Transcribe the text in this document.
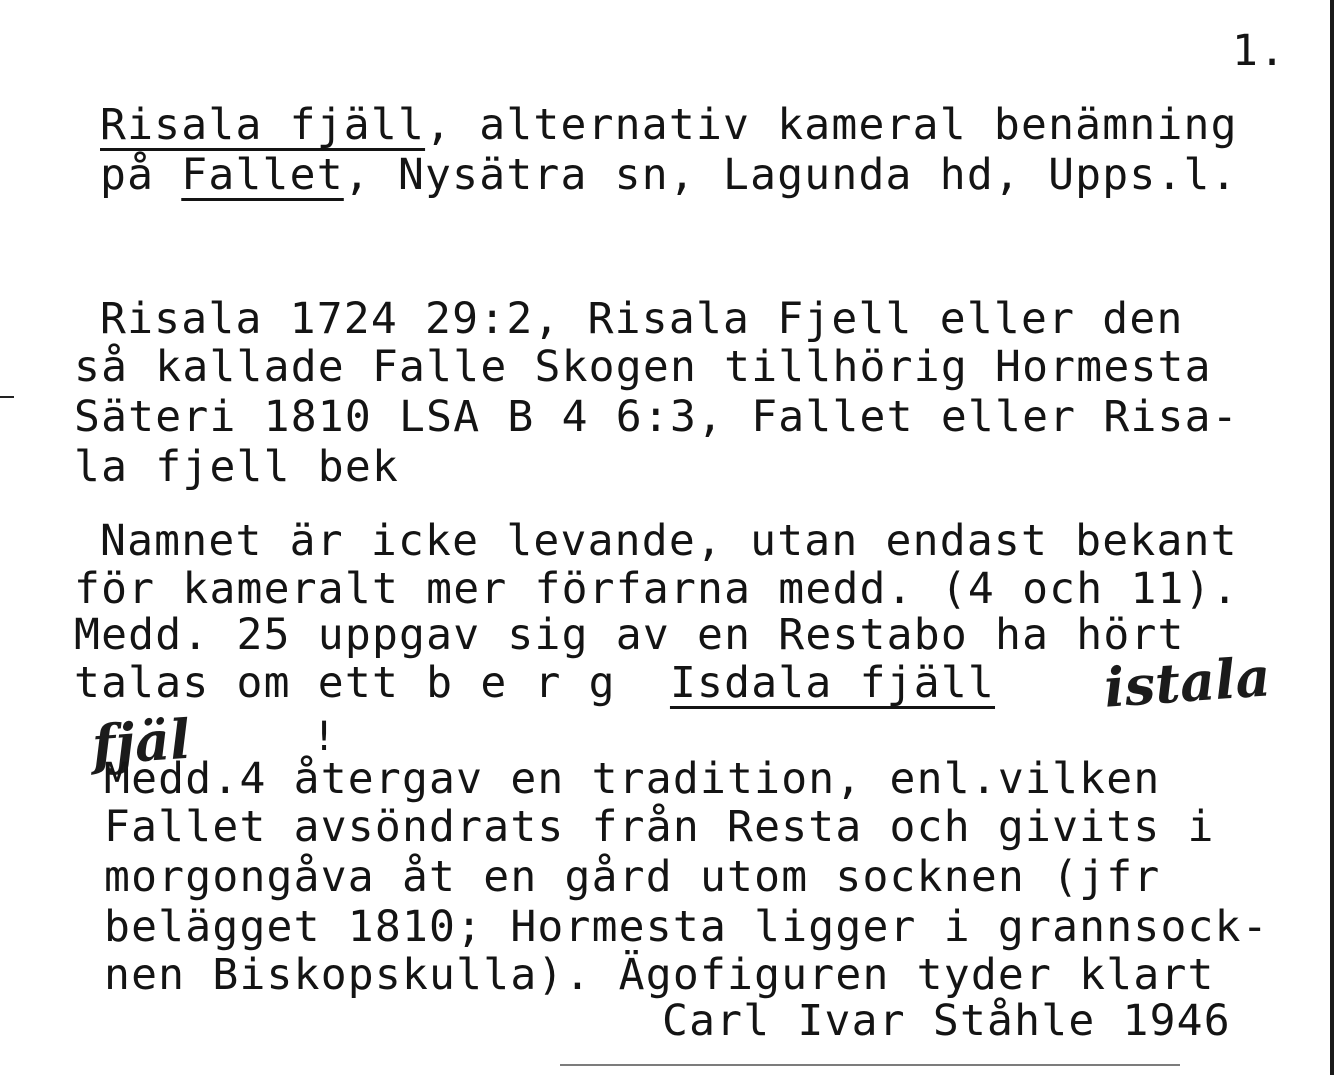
1.
Risala fjäll, alternativ kameral benämning
på Fallet, Nysätra sn, Lagunda hd, Upps.l.
Risala 1724 29:2, Risala Fjell eller den
så kallade Falle Skogen tillhörig Hormesta
Säteri 1810 LSA B 4 6:3, Fallet eller Risa-
la fjell bek
Namnet är icke levande, utan endast bekant
för kameralt mer förfarna medd. (4 och 11).
Medd. 25 uppgav sig av en Restabo ha hört
talas om ett b e r g  Isdala fjäll istala
fjäl	!
Medd.4 återgav en tradition, enl.vilken
Fallet avsöndrats från Resta och givits i
morgongåva åt en gård utom socknen (jfr
belägget 1810; Hormesta ligger i grannsock-
nen Biskopskulla). Ägofiguren tyder klart
Carl Ivar Ståhle 1946
